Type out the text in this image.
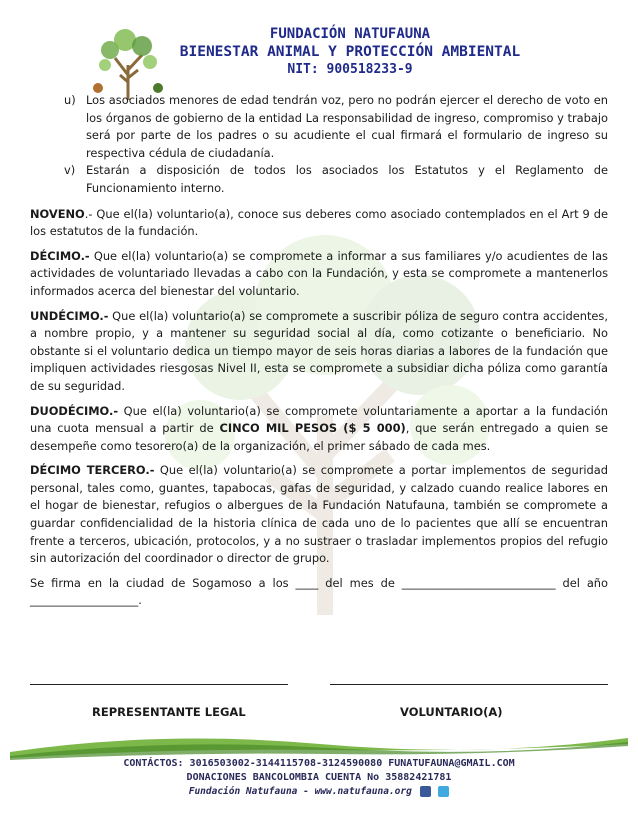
FUNDACIÓN NATUFAUNA
BIENESTAR ANIMAL Y PROTECCIÓN AMBIENTAL
NIT: 900518233-9
u) Los asociados menores de edad tendrán voz, pero no podrán ejercer el derecho de voto en los órganos de gobierno de la entidad La responsabilidad de ingreso, compromiso y trabajo será por parte de los padres o su acudiente el cual firmará el formulario de ingreso su respectiva cédula de ciudadanía.
v) Estarán a disposición de todos los asociados los Estatutos y el Reglamento de Funcionamiento interno.

NOVENO.- Que el(la) voluntario(a), conoce sus deberes como asociado contemplados en el Art 9 de los estatutos de la fundación.

DÉCIMO.- Que el(la) voluntario(a) se compromete a informar a sus familiares y/o acudientes de las actividades de voluntariado llevadas a cabo con la Fundación, y esta se compromete a mantenerlos informados acerca del bienestar del voluntario.

UNDÉCIMO.- Que el(la) voluntario(a) se compromete a suscribir póliza de seguro contra accidentes, a nombre propio, y a mantener su seguridad social al día, como cotizante o beneficiario. No obstante si el voluntario dedica un tiempo mayor de seis horas diarias a labores de la fundación que impliquen actividades riesgosas Nivel II, esta se compromete a subsidiar dicha póliza como garantía de su seguridad.

DUODÉCIMO.- Que el(la) voluntario(a) se compromete voluntariamente a aportar a la fundación una cuota mensual a partir de CINCO MIL PESOS ($ 5 000), que serán entregado a quien se desempeñe como tesorero(a) de la organización, el primer sábado de cada mes.

DÉCIMO TERCERO.- Que el(la) voluntario(a) se compromete a portar implementos de seguridad personal, tales como, guantes, tapabocas, gafas de seguridad, y calzado cuando realice labores en el hogar de bienestar, refugios o albergues de la Fundación Natufauna, también se compromete a guardar confidencialidad de la historia clínica de cada uno de lo pacientes que allí se encuentran frente a terceros, ubicación, protocolos, y a no sustraer o trasladar implementos propios del refugio sin autorización del coordinador o director de grupo.

Se firma en la ciudad de Sogamoso a los ____ del mes de ___________________________ del año ___________________.

REPRESENTANTE LEGAL	VOLUNTARIO(A)
CONTÁCTOS: 3016503002-3144115708-3124590080 FUNATUFAUNA@GMAIL.COM
DONACIONES BANCOLOMBIA CUENTA No 35882421781
Fundación Natufauna - www.natufauna.org
